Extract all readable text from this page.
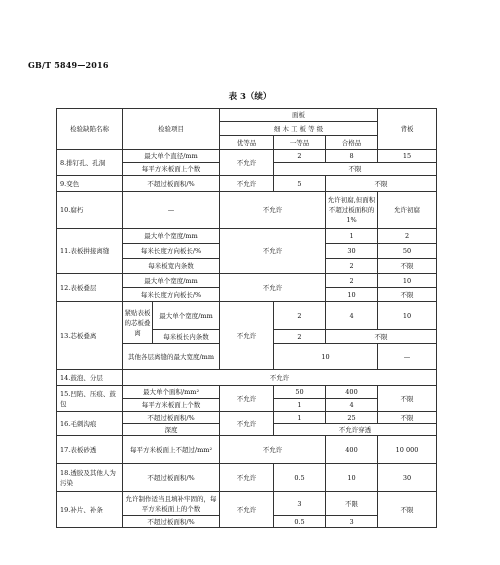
GB/T 5849—2016
表 3（续）
检验缺陷名称	检验项目		面板			背板
			细 木 工 板 等 级			
			优等品	一等品	合格品	
8.排钉孔、孔洞	最大单个直径/mm		不允许	2	8	15
	每平方米板面上个数			不限		
9.变色	不超过板面积/%		不允许	5	不限	
10.腐朽	—		不允许		允许初腐,但面积不超过板面积的1%	允许初腐
11.表板拼接离缝	最大单个宽度/mm		不允许		1	2
	每米长度方向板长/%				30	50
	每米板宽内条数				2	不限
12.表板叠层	最大单个宽度/mm		不允许		2	10
	每米长度方向板长/%				10	不限
13.芯板叠离	紧贴表板的芯板叠离	最大单个宽度/mm	不允许	2	4	10
		每米板长内条数		2	不限	
	其他各层离缝的最大宽度/mm			10		—
14.鼓泡、分层	不允许					
15.凹陷、压痕、鼓包	最大单个面积/mm²		不允许	50	400	不限
	每平方米板面上个数			1	4	
16.毛刺沟痕	不超过板面积/%		不允许	1	25	不限
	深度			不允许穿透		
17.表板砂透	每平方米板面上不超过/mm²		不允许		400	10 000
18.透胶及其他人为污染	不超过板面积/%		不允许	0.5	10	30
19.补片、补条	允许制作适当且填补牢固的，每平方米板面上的个数		不允许	3	不限	不限
	不超过板面积/%			0.5	3	
